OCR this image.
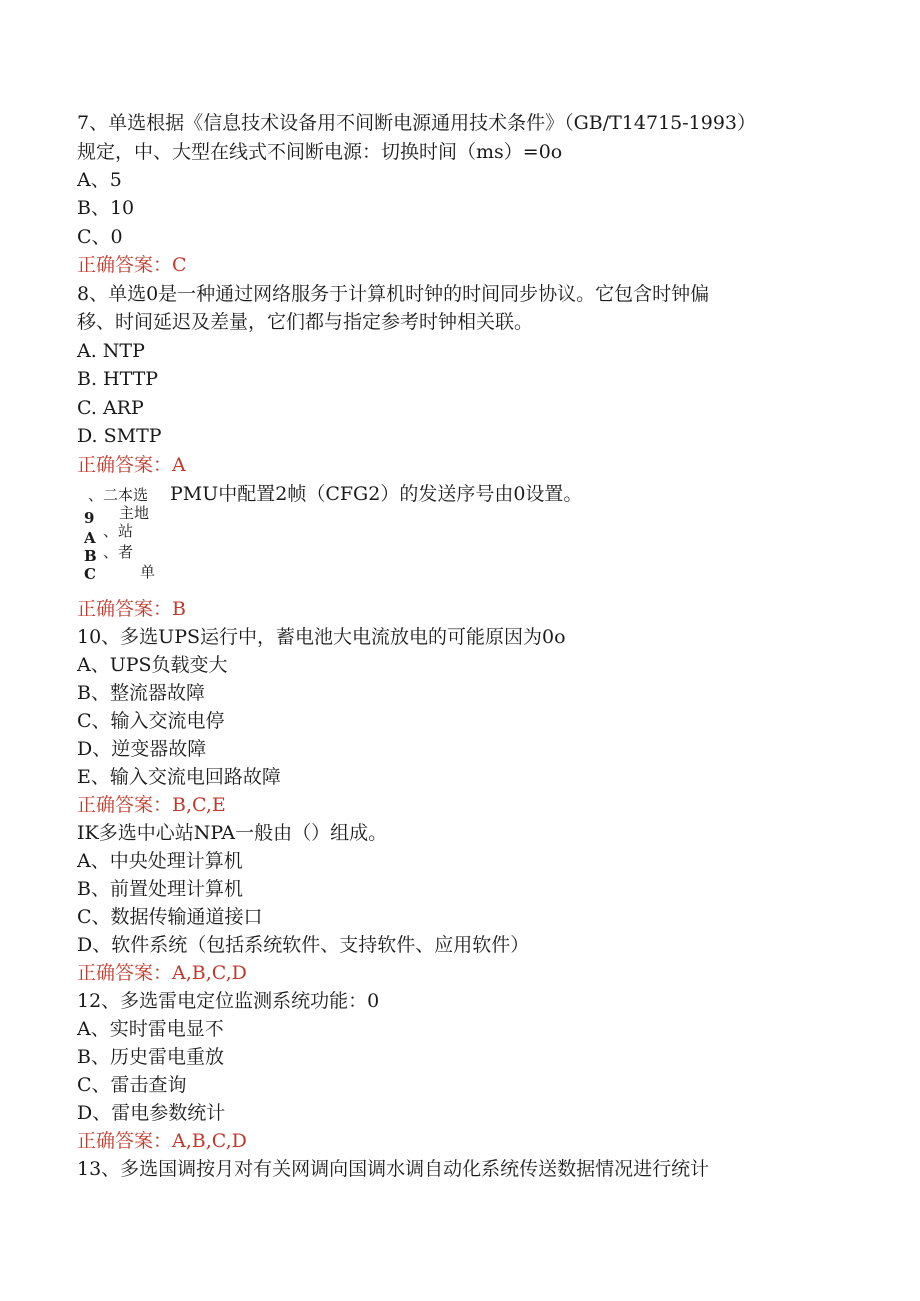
7、单选根据《信息技术设备用不间断电源通用技术条件》（GB/T14715-1993）
规定，中、大型在线式不间断电源：切换时间（ms）=0o
A、5
B、10
C、0
正确答案：C
8、单选0是一种通过网络服务于计算机时钟的时间同步协议。它包含时钟偏
移、时间延迟及差量，它们都与指定参考时钟相关联。
A. NTP
B. HTTP
C. ARP
D. SMTP
正确答案：A
、二本选
主地
、站
、者
9
A
B
C	单
PMU中配置2帧（CFG2）的发送序号由0设置。
正确答案：B
10、多选UPS运行中，蓄电池大电流放电的可能原因为0o
A、UPS负载变大
B、整流器故障
C、输入交流电停
D、逆变器故障
E、输入交流电回路故障
正确答案：B,C,E
IK多选中心站NPA一般由（）组成。
A、中央处理计算机
B、前置处理计算机
C、数据传输通道接口
D、软件系统（包括系统软件、支持软件、应用软件）
正确答案：A,B,C,D
12、多选雷电定位监测系统功能：0
A、实时雷电显不
B、历史雷电重放
C、雷击查询
D、雷电参数统计
正确答案：A,B,C,D
13、多选国调按月对有关网调向国调水调自动化系统传送数据情况进行统计
